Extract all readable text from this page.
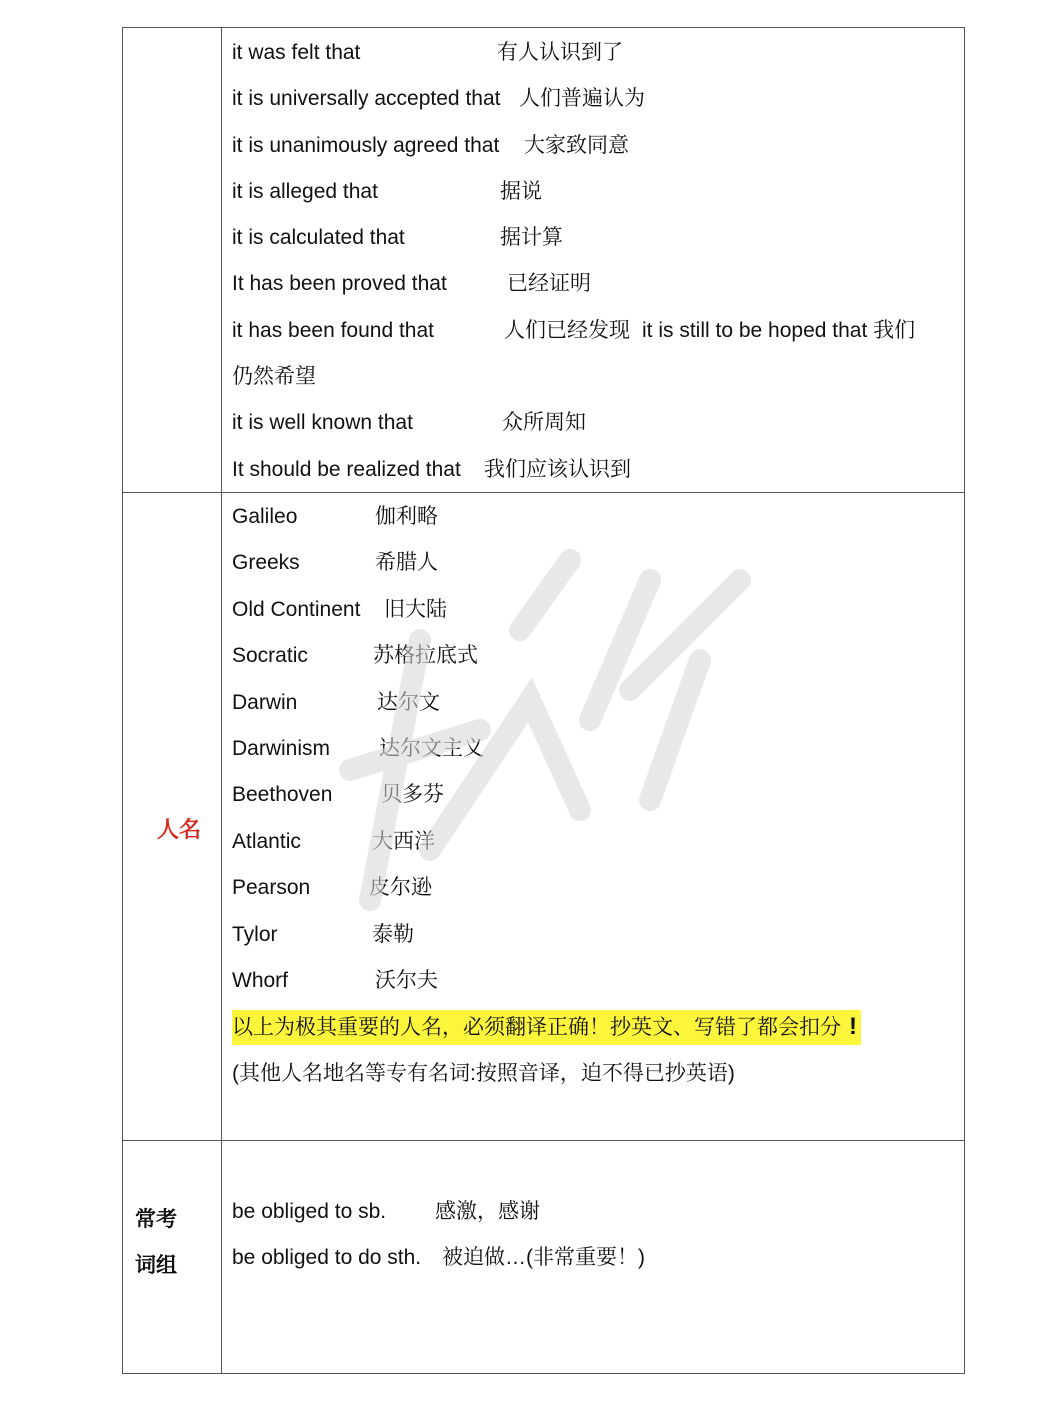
it was felt that	有人认识到了
it is universally accepted that 人们普遍认为
it is unanimously agreed that 大家致同意
it is alleged that	据说
it is calculated that	据计算
It has been proved that	已经证明
it has been found that	人们已经发现 it is still to be hoped that 我们
仍然希望
it is well known that	众所周知
It should be realized that 我们应该认识到
人名
Galileo	伽利略
Greeks	希腊人
Old Continent 旧大陆
Socratic	苏格拉底式
Darwin	达尔文
Darwinism 达尔文主义
Beethoven 贝多芬
Atlantic	大西洋
Pearson	皮尔逊
Tylor	泰勒
Whorf	沃尔夫
以上为极其重要的人名，必须翻译正确！抄英文、写错了都会扣分 !
(其他人名地名等专有名词:按照音译，迫不得已抄英语)
常考
词组
be obliged to sb. 感激，感谢
be obliged to do sth. 被迫做…(非常重要！)
